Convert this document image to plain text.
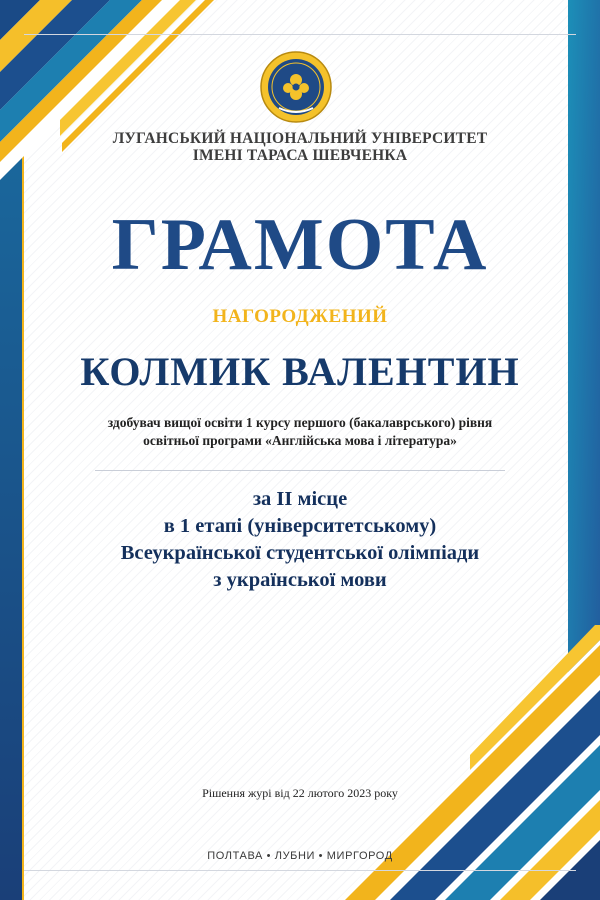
ЛУГАНСЬКИЙ НАЦІОНАЛЬНИЙ УНІВЕРСИТЕТ
ІМЕНІ ТАРАСА ШЕВЧЕНКА
ГРАМОТА
НАГОРОДЖЕНИЙ
КОЛМИК ВАЛЕНТИН
здобувач вищої освіти 1 курсу першого (бакалаврського) рівня
освітньої програми «Англійська мова і література»
за II місце
в 1 етапі (університетському)
Всеукраїнської студентської олімпіади
з української мови
Рішення журі від 22 лютого 2023 року
ПОЛТАВА • ЛУБНИ • МИРГОРОД
